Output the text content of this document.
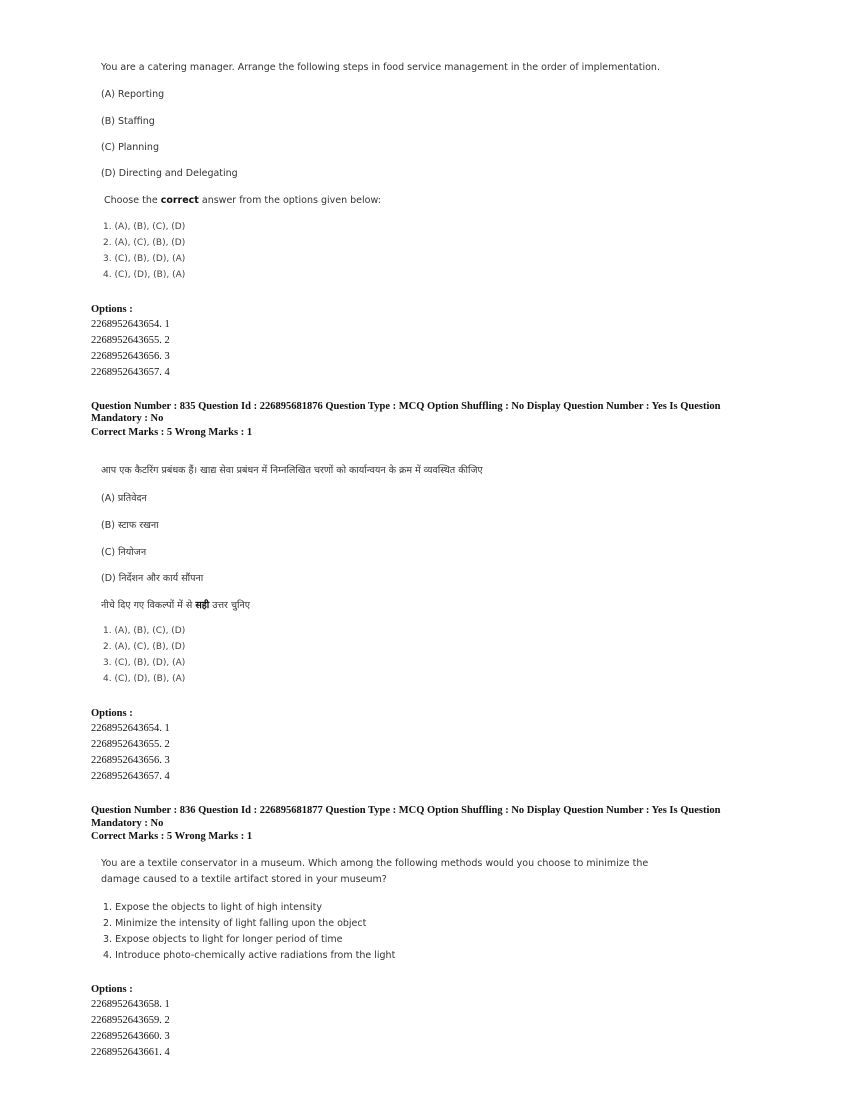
You are a catering manager. Arrange the following steps in food service management in the order of implementation.
(A) Reporting
(B) Staffing
(C) Planning
(D) Directing and Delegating
Choose the correct answer from the options given below:
1. (A), (B), (C), (D)
2. (A), (C), (B), (D)
3. (C), (B), (D), (A)
4. (C), (D), (B), (A)
Options :
2268952643654. 1
2268952643655. 2
2268952643656. 3
2268952643657. 4
Question Number : 835 Question Id : 226895681876 Question Type : MCQ Option Shuffling : No Display Question Number : Yes Is Question
Mandatory : No
Correct Marks : 5 Wrong Marks : 1
आप एक कैटरिंग प्रबंधक हैं। खाद्य सेवा प्रबंधन में निम्नलिखित चरणों को कार्यान्वयन के क्रम में व्यवस्थित कीजिए
(A) प्रतिवेदन
(B) स्टाफ रखना
(C) नियोजन
(D) निर्देशन और कार्य सौंपना
नीचे दिए गए विकल्पों में से सही उत्तर चुनिए
1. (A), (B), (C), (D)
2. (A), (C), (B), (D)
3. (C), (B), (D), (A)
4. (C), (D), (B), (A)
Options :
2268952643654. 1
2268952643655. 2
2268952643656. 3
2268952643657. 4
Question Number : 836 Question Id : 226895681877 Question Type : MCQ Option Shuffling : No Display Question Number : Yes Is Question
Mandatory : No
Correct Marks : 5 Wrong Marks : 1
You are a textile conservator in a museum. Which among the following methods would you choose to minimize the
damage caused to a textile artifact stored in your museum?
1. Expose the objects to light of high intensity
2. Minimize the intensity of light falling upon the object
3. Expose objects to light for longer period of time
4. Introduce photo-chemically active radiations from the light
Options :
2268952643658. 1
2268952643659. 2
2268952643660. 3
2268952643661. 4
